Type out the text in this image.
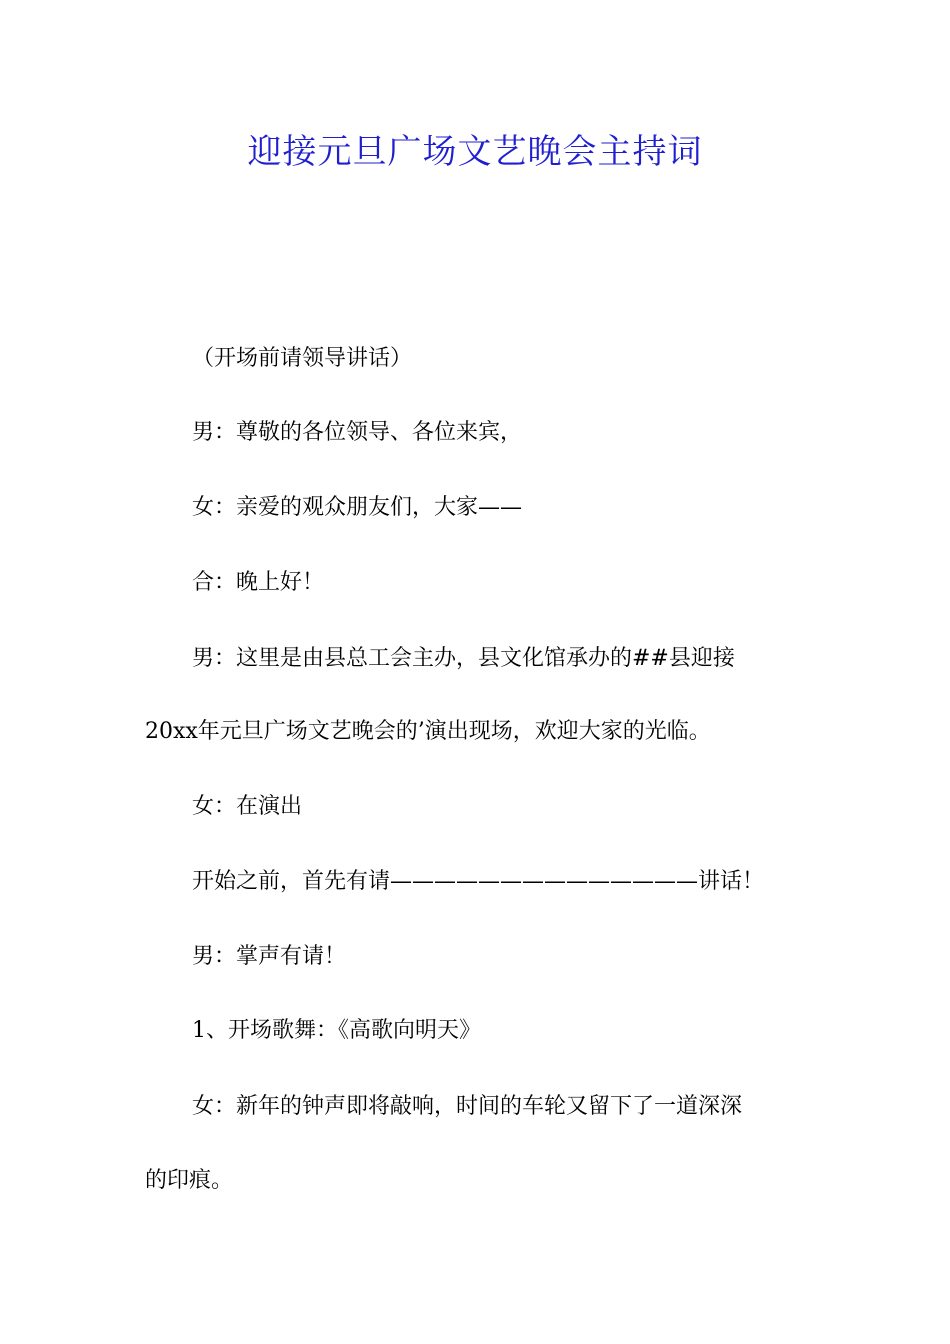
迎接元旦广场文艺晚会主持词

（开场前请领导讲话）

男：尊敬的各位领导、各位来宾，

女：亲爱的观众朋友们，大家——

合：晚上好！

男：这里是由县总工会主办，县文化馆承办的##县迎接

20xx年元旦广场文艺晚会的’演出现场，欢迎大家的光临。

女：在演出

开始之前，首先有请——————————————讲话！

男：掌声有请！

1、开场歌舞：《高歌向明天》

女：新年的钟声即将敲响，时间的车轮又留下了一道深深

的印痕。
